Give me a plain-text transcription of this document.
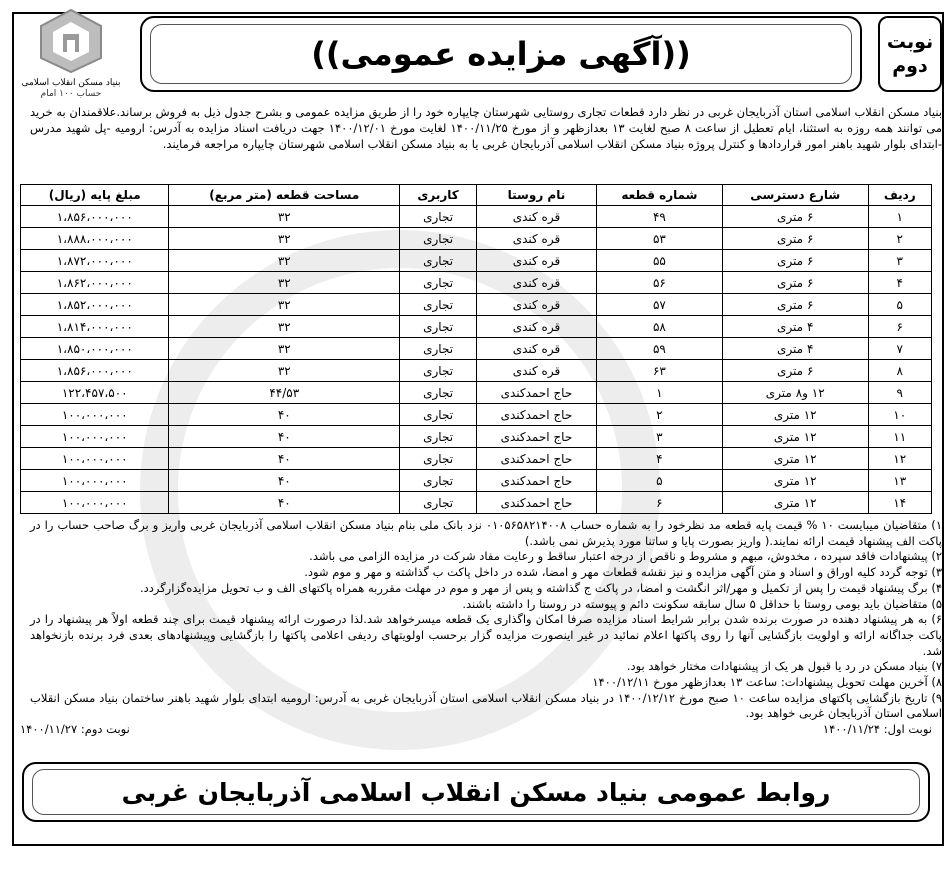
نوبت
دوم
((آگهی مزایده عمومی))
بنیاد مسکن انقلاب اسلامی
حساب ۱۰۰ امام
بنیاد مسکن انقلاب اسلامی استان آذربایجان غربی در نظر دارد قطعات تجاری روستایی شهرستان چایپاره خود را از طریق مزایده عمومی و بشرح جدول ذیل به فروش برساند.علاقمندان به خرید می توانند همه روزه به استثنا، ایام تعطیل از ساعت ۸ صبح لغایت ۱۳ بعدازظهر و از مورخ ۱۴۰۰/۱۱/۲۵ لغایت مورخ ۱۴۰۰/۱۲/۰۱ جهت دریافت اسناد مزایده به آدرس: ارومیه -پل شهید مدرس -ابتدای بلوار شهید باهنر امور قراردادها و کنترل پروژه بنیاد مسکن انقلاب اسلامی آذربایجان غربی یا به بنیاد مسکن انقلاب اسلامی شهرستان چایپاره مراجعه فرمایند.
ردیف	شارع دسترسی	شماره قطعه	نام روستا	کاربری	مساحت قطعه (متر مربع)	مبلغ پایه (ریال)
۱	۶ متری	۴۹	قره کندی	تجاری	۳۲	۱،۸۵۶،۰۰۰،۰۰۰
۲	۶ متری	۵۳	قره کندی	تجاری	۳۲	۱،۸۸۸،۰۰۰،۰۰۰
۳	۶ متری	۵۵	قره کندی	تجاری	۳۲	۱،۸۷۲،۰۰۰،۰۰۰
۴	۶ متری	۵۶	قره کندی	تجاری	۳۲	۱،۸۶۲،۰۰۰،۰۰۰
۵	۶ متری	۵۷	قره کندی	تجاری	۳۲	۱،۸۵۲،۰۰۰،۰۰۰
۶	۴ متری	۵۸	قره کندی	تجاری	۳۲	۱،۸۱۴،۰۰۰،۰۰۰
۷	۴ متری	۵۹	قره کندی	تجاری	۳۲	۱،۸۵۰،۰۰۰،۰۰۰
۸	۶ متری	۶۳	قره کندی	تجاری	۳۲	۱،۸۵۶،۰۰۰،۰۰۰
۹	۱۲ و۸ متری	۱	حاج احمدکندی	تجاری	۴۴/۵۳	۱۲۲،۴۵۷،۵۰۰
۱۰	۱۲ متری	۲	حاج احمدکندی	تجاری	۴۰	۱۰۰،۰۰۰،۰۰۰
۱۱	۱۲ متری	۳	حاج احمدکندی	تجاری	۴۰	۱۰۰،۰۰۰،۰۰۰
۱۲	۱۲ متری	۴	حاج احمدکندی	تجاری	۴۰	۱۰۰،۰۰۰،۰۰۰
۱۳	۱۲ متری	۵	حاج احمدکندی	تجاری	۴۰	۱۰۰،۰۰۰،۰۰۰
۱۴	۱۲ متری	۶	حاج احمدکندی	تجاری	۴۰	۱۰۰،۰۰۰،۰۰۰

۱) متقاضیان میبایست ۱۰ % قیمت پایه قطعه مد نظرخود را به شماره حساب ۰۱۰۵۶۵۸۲۱۴۰۰۸ نزد بانک ملی بنام بنیاد مسکن انقلاب اسلامی آذربایجان غربی واریز و برگ صاحب حساب را در پاکت الف پیشنهاد قیمت ارائه نمایند.( واریز بصورت پایا و ساتنا مورد پذیرش نمی باشد.)

۲) پیشنهادات فاقد سپرده ، مخدوش، مبهم و مشروط و ناقص از درجه اعتبار ساقط و رعایت مفاد شرکت در مزایده الزامی می باشد.

۳) توجه گردد کلیه اوراق و اسناد و متن آگهی مزایده و نیز نقشه قطعات مهر و امضا، شده در داخل پاکت ب گذاشته و مهر و موم شود.

۴) برگ پیشنهاد قیمت را پس از تکمیل و مهر/اثر انگشت و امضا، در پاکت ج گذاشته و پس از مهر و موم در مهلت مقرربه همراه پاکتهای الف و ب تحویل مزایده‌گزارگردد.

۵) متقاضیان باید بومی روستا با حداقل ۵ سال سابقه سکونت دائم و پیوسته در روستا را داشته باشند.

۶) به هر پیشنهاد دهنده در صورت برنده شدن برابر شرایط اسناد مزایده صرفا امکان واگذاری یک قطعه میسرخواهد شد.لذا درصورت ارائه پیشنهاد قیمت برای چند قطعه اولاً هر پیشنهاد را در پاکت جداگانه ارائه و اولویت بازگشایی آنها را روی پاکتها اعلام نمائید در غیر اینصورت مزایده گزار برحسب اولویتهای ردیفی اعلامی پاکتها را بازگشایی وپیشنهادهای بعدی فرد برنده بازنخواهد شد.

۷) بنیاد مسکن در رد یا قبول هر یک از پیشنهادات مختار خواهد بود.

۸) آخرین مهلت تحویل پیشنهادات: ساعت ۱۳ بعدازظهر مورخ ۱۴۰۰/۱۲/۱۱

۹) تاریخ بازگشایی پاکتهای مزایده ساعت ۱۰ صبح مورخ ۱۴۰۰/۱۲/۱۲ در بنیاد مسکن انقلاب اسلامی استان آذربایجان غربی به آدرس: ارومیه ابتدای بلوار شهید باهنر ساختمان بنیاد مسکن انقلاب اسلامی استان آذربایجان غربی خواهد بود.

نوبت اول: ۱۴۰۰/۱۱/۲۴
نوبت دوم: ۱۴۰۰/۱۱/۲۷
روابط عمومی بنیاد مسکن انقلاب اسلامی آذربایجان غربی
